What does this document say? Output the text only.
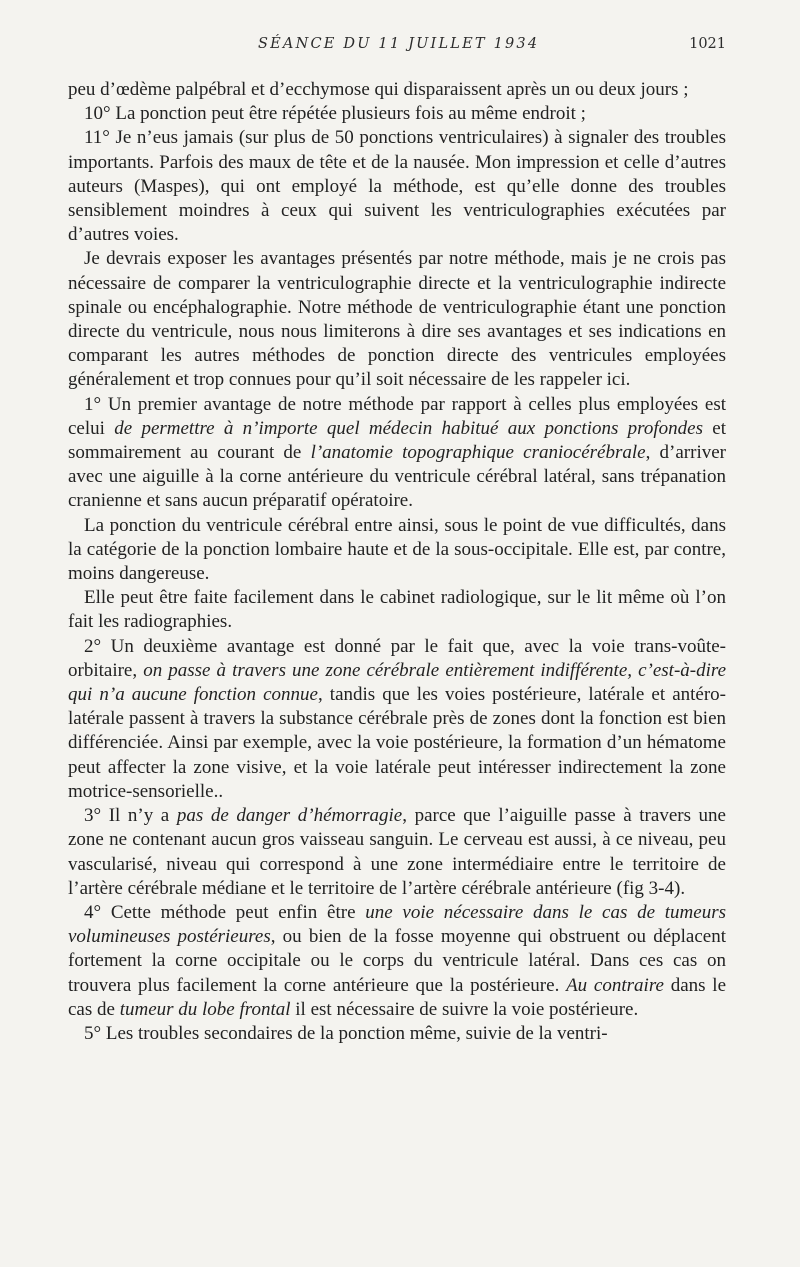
SÉANCE DU 11 JUILLET 1934	1021

peu d’œdème palpébral et d’ecchymose qui disparaissent après un ou deux jours ;

10° La ponction peut être répétée plusieurs fois au même endroit ;

11° Je n’eus jamais (sur plus de 50 ponctions ventriculaires) à signaler des troubles importants. Parfois des maux de tête et de la nausée. Mon impression et celle d’autres auteurs (Maspes), qui ont employé la méthode, est qu’elle donne des troubles sensiblement moindres à ceux qui suivent les ventriculographies exécutées par d’autres voies.

Je devrais exposer les avantages présentés par notre méthode, mais je ne crois pas nécessaire de comparer la ventriculographie directe et la ventriculographie indirecte spinale ou encéphalographie. Notre méthode de ventriculographie étant une ponction directe du ventricule, nous nous limiterons à dire ses avantages et ses indications en comparant les autres méthodes de ponction directe des ventricules employées généralement et trop connues pour qu’il soit nécessaire de les rappeler ici.

1° Un premier avantage de notre méthode par rapport à celles plus employées est celui de permettre à n’importe quel médecin habitué aux ponctions profondes et sommairement au courant de l’anatomie topographique craniocérébrale, d’arriver avec une aiguille à la corne antérieure du ventricule cérébral latéral, sans trépanation cranienne et sans aucun préparatif opératoire.

La ponction du ventricule cérébral entre ainsi, sous le point de vue difficultés, dans la catégorie de la ponction lombaire haute et de la sous-occipitale. Elle est, par contre, moins dangereuse.

Elle peut être faite facilement dans le cabinet radiologique, sur le lit même où l’on fait les radiographies.

2° Un deuxième avantage est donné par le fait que, avec la voie trans-voûte-orbitaire, on passe à travers une zone cérébrale entièrement indifférente, c’est-à-dire qui n’a aucune fonction connue, tandis que les voies postérieure, latérale et antéro-latérale passent à travers la substance cérébrale près de zones dont la fonction est bien différenciée. Ainsi par exemple, avec la voie postérieure, la formation d’un hématome peut affecter la zone visive, et la voie latérale peut intéresser indirectement la zone motrice-sensorielle..

3° Il n’y a pas de danger d’hémorragie, parce que l’aiguille passe à travers une zone ne contenant aucun gros vaisseau sanguin. Le cerveau est aussi, à ce niveau, peu vascularisé, niveau qui correspond à une zone intermédiaire entre le territoire de l’artère cérébrale médiane et le territoire de l’artère cérébrale antérieure (fig 3-4).

4° Cette méthode peut enfin être une voie nécessaire dans le cas de tumeurs volumineuses postérieures, ou bien de la fosse moyenne qui obstruent ou déplacent fortement la corne occipitale ou le corps du ventricule latéral. Dans ces cas on trouvera plus facilement la corne antérieure que la postérieure. Au contraire dans le cas de tumeur du lobe frontal il est nécessaire de suivre la voie postérieure.

5° Les troubles secondaires de la ponction même, suivie de la ventri-
